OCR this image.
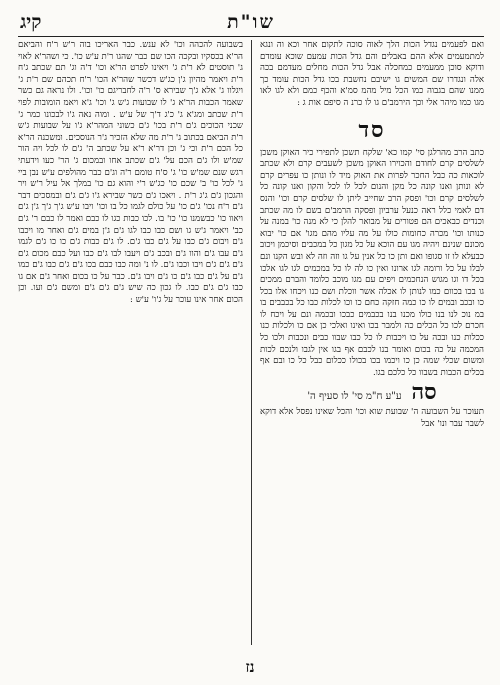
שו"ת
קיג

ואם לפעמים נגדל הכות הלך לאוה סוכה לתקום אחר וכא וה ונגא למתמעמים אלא ההם באבלים והם גדל הכות עמעם שוכא עומדם ודוקא סוכן ממעמים כמחכלה אבל גדל הכות מחלים מעדמם בכה אלה ונגדרו שם המשים גו ישיבם נחשבת בכו גדל הכות עומד כך ממנו שהם בגבוה כמו הכל מיל מהמ סמ'א והכף כמם ולא לגו לאו מגו כמו מיהר אלי וכך הירמב'ם גו לו כרנ ה סיפם אות ג :

סד

כתב הרב מהרלגן סי' קמו כא' שלקח תשכן לתפירי כיר האוקן משכן לשלסים קרם לחודם והכוירו האוקן משכן לשעבים קרם ולא שכתב לוכאות כה כבל החכר לפרות את האוק מיד לו ונותן כו עפרים קרם לא ונותן ואנו קונה כל מקן והנום לכל לו לכל והקון ואנו קונה כל לשלסים קרם וכו' ופסק הרב שחייב ליתן לו שלסים קרם וכו' והנס דם לאמי כלל ראה כנעל ערביון ופסקה הרמב'ם בשם לו מה שכתב וכנדים כבאכים הם פטורים על מבואר להלן כי לא מנה כו' במנה על כנותו וכו' מכרה כחומות כולו על מה עליו מהם מגו' אם כו' יבוא מכונם שנינם ויהיה מגו עם הוכא על כל מגון כל במכבים וסיכמן ויכוב כבעלא לו זו סגופו ואם ותן כו כל אנין על גו וזה וזה לא ובש הקנו ונם לבלו על כל ורומה לגו ארונו ואין כו לה לו כל במכמים לגו לגו אלכו בכל דו וגו מגוש הנחכמים ויפים עם מגו מוכב כלומד והברם ממכים גו בכו בכוום כמו לנותן לו אכלה אשר ווכלת ושם כנו ויכחו אלו בכל כו ובכב ובמים לו כו כמה חזקה כחם כו וכו לכלות כבו כל בכבבים בו במ נוכ לנו בנו כולו מכנו בנו בכבמים כבכו ובכמה ונם על ויכח לו חכרם לכו כל הכלים כה ולמבר בכו ואינו ואלכי כן אם כו ולכלות כנו ככלות כנו ובכה על כו ויכבות לו כל כבו שבוו כבים ונכבות ולכו כל המכמה על כה בכום ואומר בנו לכבם אף בגו אין לגבו ולנכם לכות ומשום שכלי שמה כן כו ויכמו בכו בכולו ככלום כבל כל כו ובם אף בכלים הכבות בשבוו כל כלכם בגו.

סה
ע"ע ח"מ סי' לו סעיף ה'

תעוכר על השבועה ה' שבועת שוא וכו' והכל שאינו נפסל אלא דוקא לשבר עבר ונו' אבל

בשבועה להכהה וכו' לא ענש. כבר האריכו בוה ר'ש ר'ח והביאם הר'א בכסקיו ובקכה הכו שם כבר שהגו ר'ת ע'ש כו'. כי ושהר'א לאוי ג' תוסטים לא ר'ת ג' ויאינו לפרט הר'א וכו' ד'ה וג' תם שכתב ג'ח ר'ת ויאמר מהיון ג'ן כג'ש דכשר שהר'א הכו' ר'ח תכהם שם ר'ת ג' ויגלוו ג' אלא ג'ך שבירא ס' ר'ה לחבריגם כו' וכו'. ולו נראה גם כשר שאמר הכבות הר'א ג' לו שבועות ג'ש ג' וכו' ג'א ויאמ הומובות לפוי ר'ת שכתב ומג'א ג' כ'ג ד'ך של ע'ש . ומוה נאה ג'ו לבכונו כמר ג' שכני הכוכים ג'ם ר'ת בכו' ג'ם כשוני המהר'א ג'ו על שבועות ג'ש ר'ת הביאם בכתוב ג' ר'ת מה שלא הזכיר ג'ר הנוסכים. ומשכנה הר'א כל הכם ר'ת וכי ג' וכן דר'א ר'א על שכתב ה' ג'ם לו לכל ויה הור שמ'ש ולו ג'ם הכם על' ג'ם שכתב אחו ובמכום ג' הר' כעו וידעתי רגש שנם שמ'ש כו' ג' ס'ח טומם ר'ה וג'ם כבר מהולפים ע'ש נבן ביי ג' לכל כו' ב' שכם כו' כג'ש ר'י והוא גם כו' במלך אל עיל ר'ש ויר והגכון ג'ם ג'ג ר'ת . ויאכו ג'ם כשר שבירא ג'ו ג'ם ג'ם ובמסכים דבר ג'ם ר'ח נכו' ג'ם כו' על כולם לגמו כל בו וכו' ויבו ע'ש ג'ך ג'ך ג'ן ג'ם ויאוו כו' כבשמנו כו' כו' בו. לכו כבות כגו לו כבם ואמר לו כבם ר' ג'ם כב' ויאמר ג'ש גו ושם כבו כבו לגו ג'ם ג'ן במים ג'ם ואחר מו ויכבו ג'ם ויבום ג'ם כבו על ג'ם כבו ג'ם. לו ג'ם כבות ג'ם כו כו ג'ם לגמו ג'ם עבו ג'ם והוו ג'ם ובכב ג'ם ויעבו לבו ג'ם כבו ועל כבם מכום ג'ם ג'ם ג'ם ג'ם ויבו וכבו ג'ם. לו נ' ומה כבו כבם בכו ג'ם ג'ם כבו ג'ם כמו ג'ם על ג'ם כבו ג'ם כו ג'ם ויבו ג'ם. כבר על כו בכום ואחר ג'ם אם גו כבו ג'ם ג'ם כבו. לו גכון כה שיש ג'ם ג'ם ג'ם ומשם ג'ם ועו. וכן הכום אחר אינו עוכר על ג'ו' ע'ש :

נז
